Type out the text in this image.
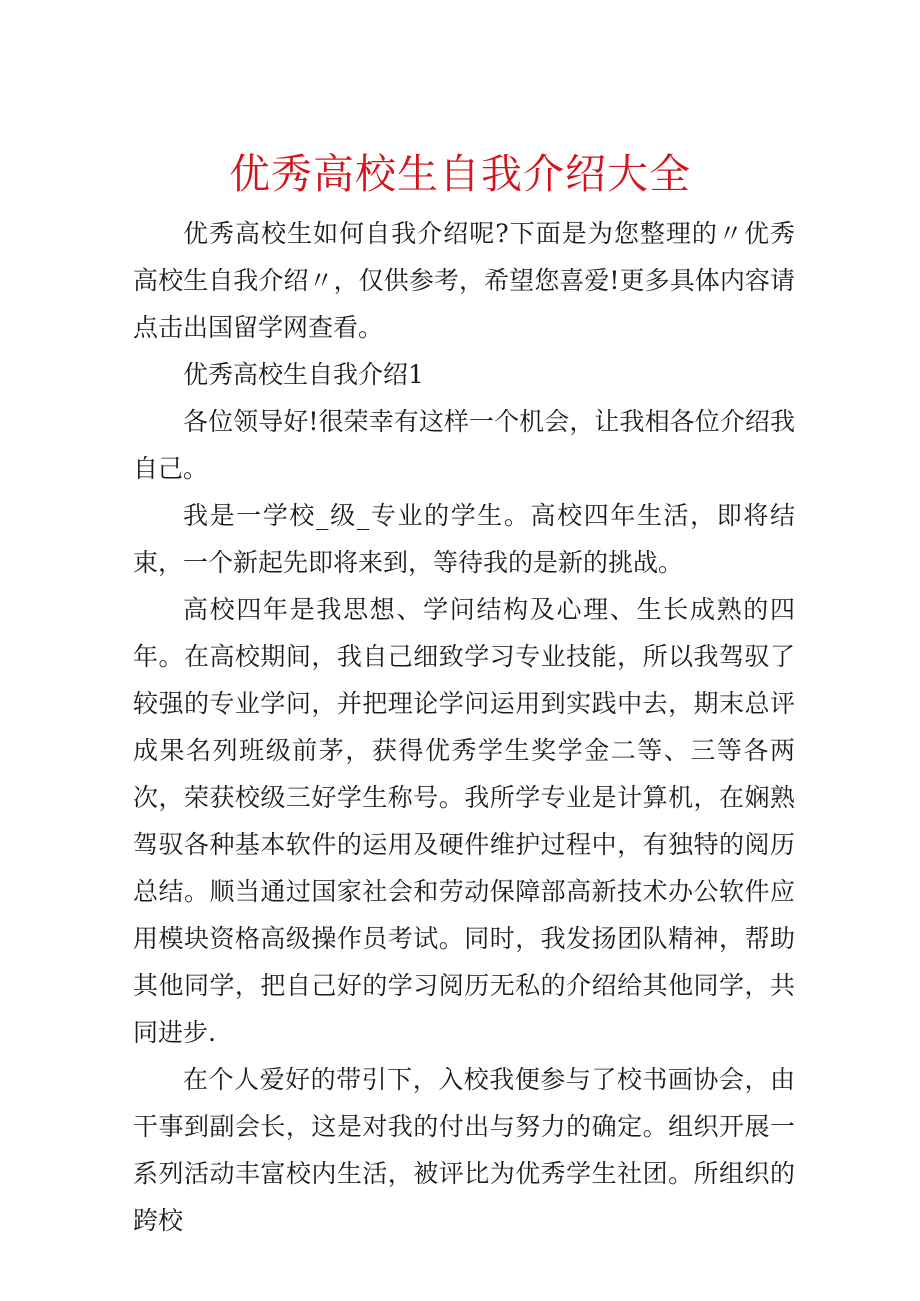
优秀高校生自我介绍大全

优秀高校生如何自我介绍呢?下面是为您整理的〃优秀高校生自我介绍〃，仅供参考，希望您喜爱!更多具体内容请点击出国留学网查看。

优秀高校生自我介绍1

各位领导好!很荣幸有这样一个机会，让我相各位介绍我自己。

我是一学校_级_专业的学生。高校四年生活，即将结束，一个新起先即将来到，等待我的是新的挑战。

高校四年是我思想、学问结构及心理、生长成熟的四年。在高校期间，我自己细致学习专业技能，所以我驾驭了较强的专业学问，并把理论学问运用到实践中去，期末总评成果名列班级前茅，获得优秀学生奖学金二等、三等各两次，荣获校级三好学生称号。我所学专业是计算机，在娴熟驾驭各种基本软件的运用及硬件维护过程中，有独特的阅历总结。顺当通过国家社会和劳动保障部高新技术办公软件应用模块资格高级操作员考试。同时，我发扬团队精神，帮助其他同学，把自己好的学习阅历无私的介绍给其他同学，共同进步.

在个人爱好的带引下，入校我便参与了校书画协会，由干事到副会长，这是对我的付出与努力的确定。组织开展一系列活动丰富校内生活，被评比为优秀学生社团。所组织的跨校
